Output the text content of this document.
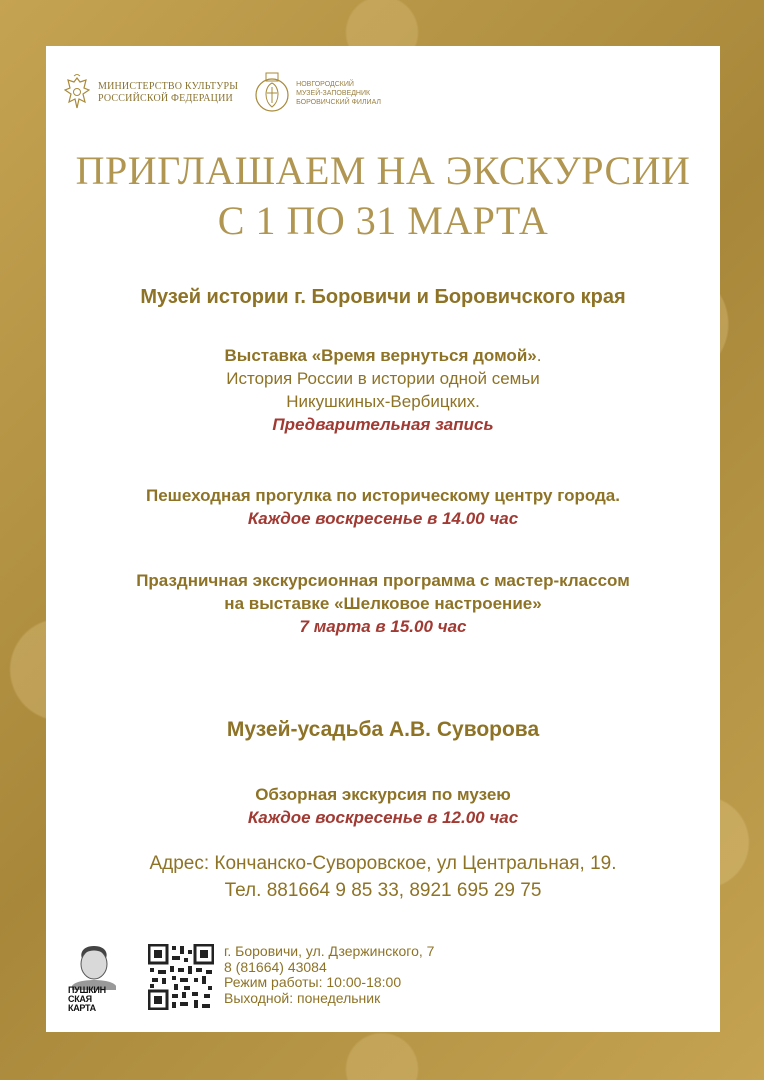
МИНИСТЕРСТВО КУЛЬТУРЫ
РОССИЙСКОЙ ФЕДЕРАЦИИ
НОВГОРОДСКИЙ
МУЗЕЙ-ЗАПОВЕДНИК
БОРОВИЧСКИЙ ФИЛИАЛ
ПРИГЛАШАЕМ НА ЭКСКУРСИИ
С 1 ПО 31 МАРТА
Музей истории г. Боровичи и Боровичского края
Выставка «Время вернуться домой».
История России в истории одной семьи
Никушкиных-Вербицких.
Предварительная запись
Пешеходная прогулка по историческому центру города.
Каждое воскресенье в 14.00 час
Праздничная экскурсионная программа с мастер-классом
на выставке «Шелковое настроение»
7 марта в 15.00 час
Музей-усадьба А.В. Суворова
Обзорная экскурсия по музею
Каждое воскресенье в 12.00 час
Адрес: Кончанско-Суворовское, ул Центральная, 19.
Тел. 881664 9 85 33, 8921 695 29 75
ПУШКИН
СКАЯ
КАРТА
г. Боровичи, ул. Дзержинского, 7
8 (81664) 43084
Режим работы: 10:00-18:00
Выходной: понедельник
